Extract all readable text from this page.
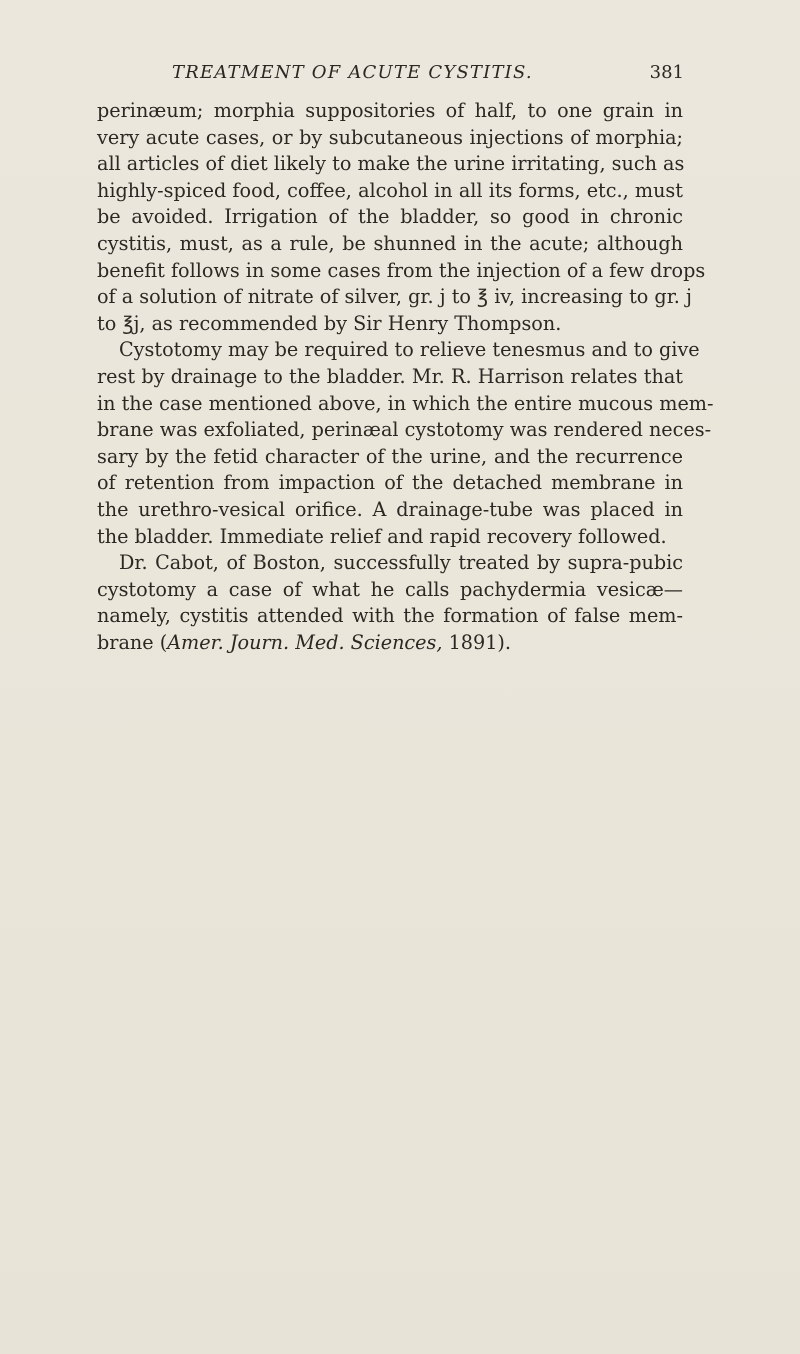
TREATMENT OF ACUTE CYSTITIS.	381
perinæum; morphia suppositories of half, to one grain in
very acute cases, or by subcutaneous injections of morphia;
all articles of diet likely to make the urine irritating, such as
highly-spiced food, coffee, alcohol in all its forms, etc., must
be avoided. Irrigation of the bladder, so good in chronic
cystitis, must, as a rule, be shunned in the acute; although
benefit follows in some cases from the injection of a few drops
of a solution of nitrate of silver, gr. j to ℥ iv, increasing to gr. j
to ℥j, as recommended by Sir Henry Thompson.
Cystotomy may be required to relieve tenesmus and to give
rest by drainage to the bladder. Mr. R. Harrison relates that
in the case mentioned above, in which the entire mucous mem-
brane was exfoliated, perinæal cystotomy was rendered neces-
sary by the fetid character of the urine, and the recurrence
of retention from impaction of the detached membrane in
the urethro-vesical orifice. A drainage-tube was placed in
the bladder. Immediate relief and rapid recovery followed.
Dr. Cabot, of Boston, successfully treated by supra-pubic
cystotomy a case of what he calls pachydermia vesicæ—
namely, cystitis attended with the formation of false mem-
brane (Amer. Journ. Med. Sciences, 1891).
